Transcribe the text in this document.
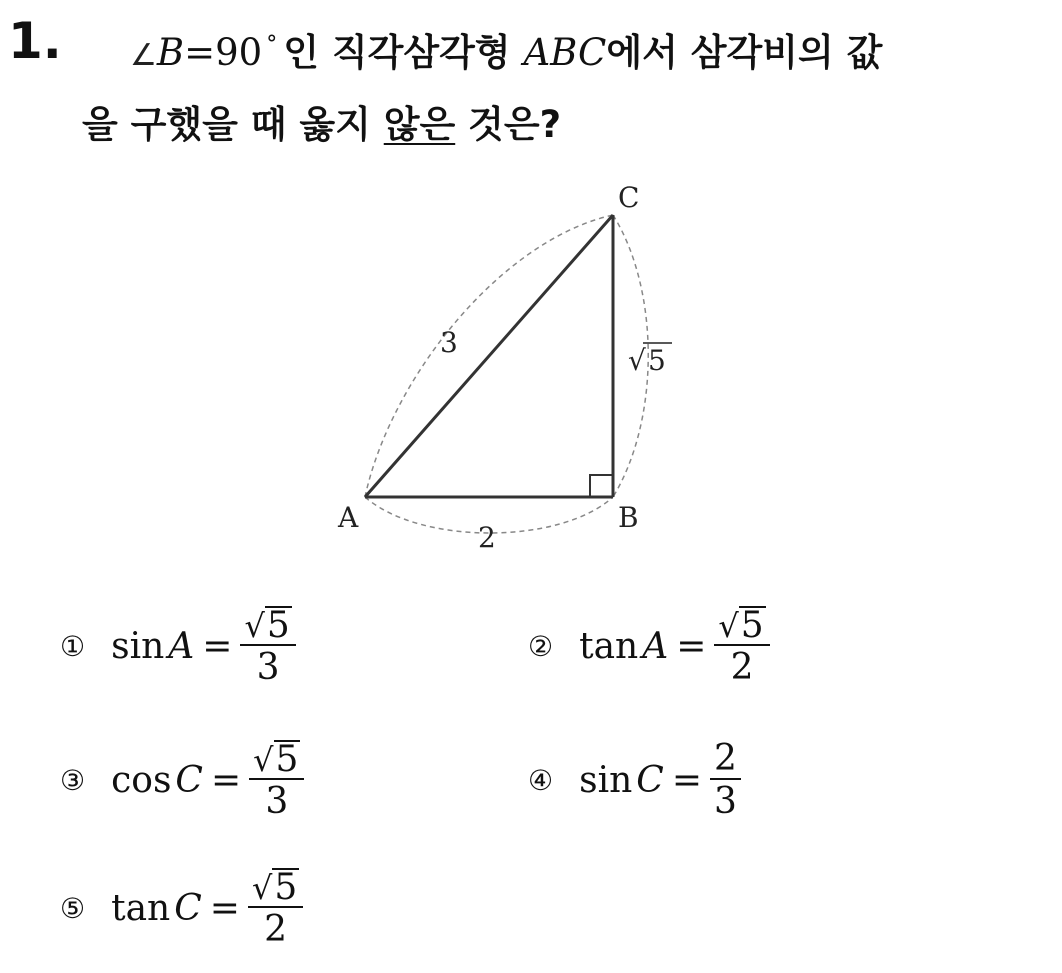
1. ∠B=90 ° 인 직각삼각형 ABC에서 삼각비의 값
을 구했을 때 옳지 않은 것은?
C
A	B
3
2
√ 5
① $\sin A = \frac{√ 5}{3}$	② $\tan A = \frac{√ 5}{2}$
③ $\cos C = \frac{√ 5}{3}$	④ $\sin C = \frac{2}{3}$
⑤ $\tan C = \frac{√ 5}{2}$
